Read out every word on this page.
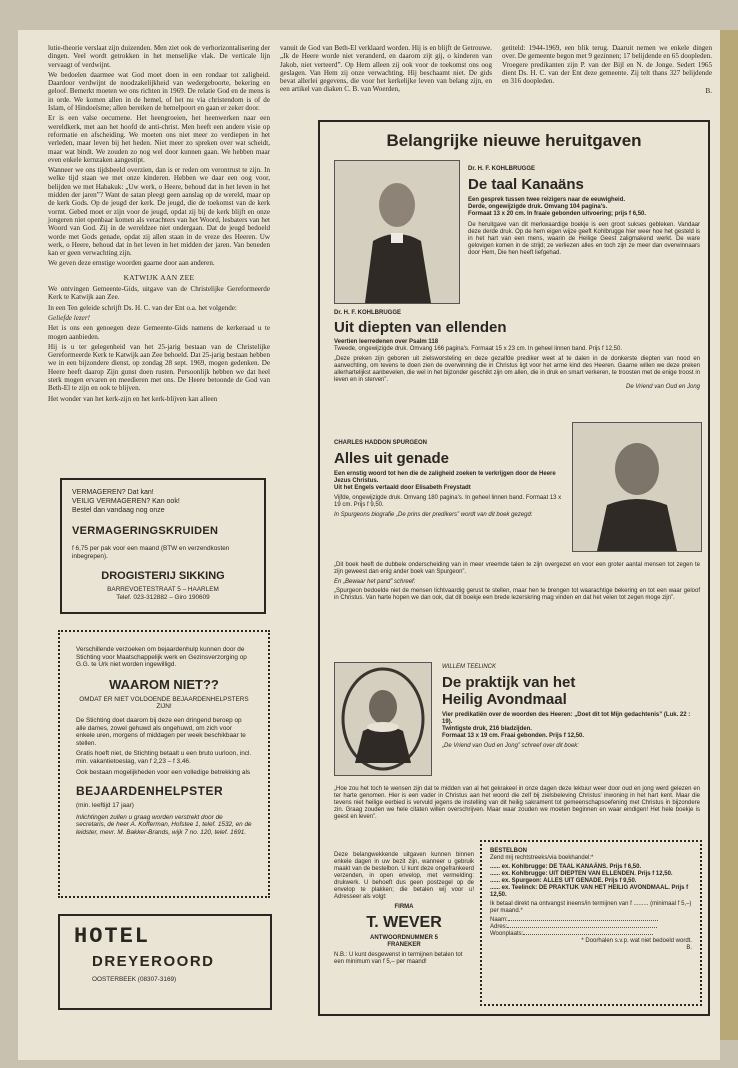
lutie-theorie verslaat zijn duizenden. Men ziet ook de verhorizontalisering der dingen. Veel wordt getrokken in het menselijke vlak. De verticale lijn vervaagt of verdwijnt.

We bedoelen daarmee wat God moet doen in een rondaar tot zaligheid. Daardoor verdwijnt de noodzakelijkheid van wedergeboorte, bekering en geloof. Bemerkt moeten we ons richten in 1969. De relatie God en de mens is in orde. We komen allen in de hemel, of het nu via christendom is of de Islam, of Hindoeïsme; allen bereiken de hemelpoort en gaan er zeker door.

Er is een valse oecumene. Het heengroeien, het heenwerken naar een wereldkerk, met aan het hoofd de anti-christ. Men heeft een andere visie op reformatie en afscheiding. We moeten ons niet meer zo verdiepen in het verleden, maar leven bij het heden. Niet meer zo spreken over wat scheidt, maar wat bindt. We zouden zo nog wel door kunnen gaan. We hebben maar even enkele kernzaken aangestipt.

Wanneer we ons tijdsbeeld overzien, dan is er reden om verontrust te zijn. In welke tijd staan we met onze kinderen. Hebben we daar een oog voor, belijden we met Habakuk: „Uw werk, o Heere, behoud dat in het leven in het midden der jaren”? Want de satan pleegt geen aanslag op de wereld, maar op de kerk Gods. Op de jeugd der kerk. De jeugd, die de toekomst van de kerk vormt. Gebed moet er zijn voor de jeugd, opdat zij bij de kerk blijft en onze jongeren niet openbaar komen als verachters van het Woord, lesbaters van het Woord van God. Zij in de wereldzee niet ondergaan. Dat de jeugd bedoeld worde met Gods genade, opdat zij allen staan in de vreze des Heeren. Uw werk, o Heere, behoud dat in het leven in het midden der jaren. Van beneden kan er geen verwachting zijn.

We geven deze ernstige woorden gaarne door aan anderen.

KATWIJK AAN ZEE

We ontvingen Gemeente-Gids, uitgave van de Christelijke Gereformeerde Kerk te Katwijk aan Zee.

In een Ten geleide schrijft Ds. H. C. van der Ent o.a. het volgende:

Geliefde lezer!

Het is ons een genoegen deze Gemeente-Gids namens de kerkeraad u te mogen aanbieden.

Hij is u ter gelegenheid van het 25-jarig bestaan van de Christelijke Gereformeerde Kerk te Katwijk aan Zee behoeld. Dat 25-jarig bestaan hebben we in een bijzondere dienst, op zondag 28 sept. 1969, mogen gedenken. De Heere heeft daarop Zijn gunst doen rusten. Persoonlijk hebben we dat heel sterk mogen ervaren en meedieren met ons. De Heere betoonde de God van Beth-El te zijn en ook te blijven.

Het wonder van het kerk-zijn en het kerk-blijven kan alleen

vanuit de God van Beth-El verklaard worden. Hij is en blijft de Getrouwe. „Ik de Heere worde niet veranderd, en daarom zijt gij, o kinderen van Jakob, niet verteerd”. Op Hem alleen zij ook voor de toekomst ons oog geslagen. Van Hem zij onze verwachting. Hij beschaamt niet. De gids bevat allerlei gegevens, die voor het kerkelijke leven van belang zijn, en een artikel van diaken C. B. van Woerden,

getiteld: 1944-1969, een blik terug. Daaruit nemen we enkele dingen over. De gemeente begon met 9 gezinnen; 17 belijdende en 65 doopleden. Vroegere predikanten zijn P. van der Bijl en N. de Jonge. Sedert 1965 dient Ds. H. C. van der Ent deze gemeente. Zij telt thans 327 belijdende en 316 doopleden.

B.
VERMAGEREN? Dat kan!
VEILIG VERMAGEREN? Kan ook!
Bestel dan vandaag nog onze
VERMAGERINGSKRUIDEN
f 6,75 per pak voor een maand (BTW en verzendkosten inbegrepen).
DROGISTERIJ SIKKING
BARREVOETESTRAAT 5 – HAARLEM
Telef. 023-312882 – Giro 190609
Verschillende verzoeken om bejaardenhulp kunnen door de Stichting voor Maatschappelijk werk en Gezinsverzorging op G.G. te Urk niet worden ingewilligd.
WAAROM NIET??
OMDAT ER NIET VOLDOENDE BEJAARDENHELPSTERS ZIJN!
De Stichting doet daarom bij deze een dringend beroep op alle dames, zowel gehuwd als ongehuwd, om zich voor enkele uren, morgens of middagen per week beschikbaar te stellen.
Gratis hoeft niet, de Stichting betaalt u een bruto uurloon, incl. min. vakantietoeslag, van f 2,23 – f 3,46.
Ook bestaan mogelijkheden voor een volledige betrekking als
BEJAARDENHELPSTER
(min. leeftijd 17 jaar)
Inlichtingen zullen u graag worden verstrekt door de secretaris, de heer A. Kofferman, Hofstee 1, telef. 1532, en de leidster, mevr. M. Bakker-Brands, wijk 7 no. 120, telef. 1691.
HOTEL
DREYEROORD
OOSTERBEEK (08307-3169)
Belangrijke nieuwe heruitgaven
Dr. H. F. KOHLBRUGGE
De taal Kanaäns
Een gesprek tussen twee reizigers naar de eeuwigheid.
Derde, ongewijzigde druk. Omvang 104 pagina's.
Formaat 13 x 20 cm. In fraaie gebonden uitvoering; prijs f 6,50.
De heruitgave van dit merkwaardige boekje is een groot sukses gebleken. Vandaar deze derde druk. Op de hem eigen wijze geeft Kohlbrugge hier weer hoe het gesteld is in het hart van een mens, waarin de Heilige Geest zaligmakend werkt. De ware gelovigen komen in de strijd; ze verliezen alles en toch zijn ze meer dan overwinnaars door Hem, Die hen heeft liefgehad.
Dr. H. F. KOHLBRUGGE
Uit diepten van ellenden
Veertien leerredenen over Psalm 118
Tweede, ongewijzigde druk. Omvang 166 pagina's. Formaat 15 x 23 cm. In geheel linnen band. Prijs f 12,50.
„Deze preken zijn geboren uit zielsworsteling en deze gezalfde prediker weet af te dalen in de donkerste diepten van nood en aanvechting, om tevens te doen zien de overwinning die in Christus ligt voor het arme kind des Heeren. Gaarne willen we deze preken allerhartelijkst aanbevelen, die wel in het bijzonder geschikt zijn om allen, die in druk en smart verkeren, te troosten met de enige troost in leven en in sterven”.
De Vriend van Oud en Jong
CHARLES HADDON SPURGEON
Alles uit genade
Een ernstig woord tot hen die de zaligheid zoeken te verkrijgen door de Heere Jezus Christus.
Uit het Engels vertaald door Elisabeth Freystadt
Vijfde, ongewijzigde druk. Omvang 180 pagina's. In geheel linnen band. Formaat 13 x 19 cm. Prijs f 9,50.
In Spurgeons biografie „De prins der predikers” wordt van dit boek gezegd:
„Dit boek heeft de dubbele onderscheiding van in meer vreemde talen te zijn overgezet en voor een groter aantal mensen tot zegen te zijn geweest dan enig ander boek van Spurgeon”.
En „Bewaar het pand” schreef:
„Spurgeon bedoelde niet de mensen lichtvaardig gerust te stellen, maar hen te brengen tot waarachtige bekering en tot een waar geloof in Christus. Van harte hopen we dan ook, dat dit boekje een brede lezerskring mag vinden en dat het velen tot zegen moge zijn”.
WILLEM TEELINCK
De praktijk van het
Heilig Avondmaal
Vier predikatiën over de woorden des Heeren: „Doet dit tot Mijn gedachtenis” (Luk. 22 : 19).
Twintigste druk, 216 bladzijden.
Formaat 13 x 19 cm. Fraai gebonden. Prijs f 12,50.
„De Vriend van Oud en Jong” schreef over dit boek:
„Hoe zou het toch te wensen zijn dat te midden van al het gekrakeel in onze dagen deze lektuur weer door oud en jong werd gelezen en ter harte genomen. Hier is een vader in Christus aan het woord die zelf bij zielsbeleving Christus' inwoning in het hart kent. Maar die tevens niet heilige eerbied is vervuld jegens de instelling van dit heilig sakrament tot gemeenschapsoefening met Christus in bijzondere zin. Graag zouden we hele citaten willen overschrijven. Maar waar zouden we moeten beginnen en waar eindigen! Het hele boekje is geest en leven”.
Deze belangwekkende uitgaven kunnen binnen enkele dagen in uw bezit zijn, wanneer u gebruik maakt van de bestelbon. U kunt deze ongefrankeerd verzenden, in open envelop, met vermelding: drukwerk. U behoeft dus geen postzegel op de envelop te plakken; die betalen wij voor u! Adresseer als volgt:
FIRMA
T. WEVER
ANTWOORDNUMMER 5
FRANEKER
N.B.: U kunt desgewenst in termijnen betalen tot een minimum van f 5,– per maand!
BESTELBON
Zend mij rechtstreeks/via boekhandel:*
...... ex. Kohlbrugge: DE TAAL KANAÄNS. Prijs f 6,50.
...... ex. Kohlbrugge: UIT DIEPTEN VAN ELLENDEN. Prijs f 12,50.
...... ex. Spurgeon: ALLES UIT GENADE. Prijs f 9,50.
...... ex. Teelinck: DE PRAKTIJK VAN HET HEILIG AVONDMAAL. Prijs f 12,50.
Ik betaal direkt na ontvangst ineens/in termijnen van f ......... (minimaal f 5,–) per maand.*
Naam:
Adres:
Woonplaats:
* Doorhalen s.v.p. wat niet bedoeld wordt.
B.
